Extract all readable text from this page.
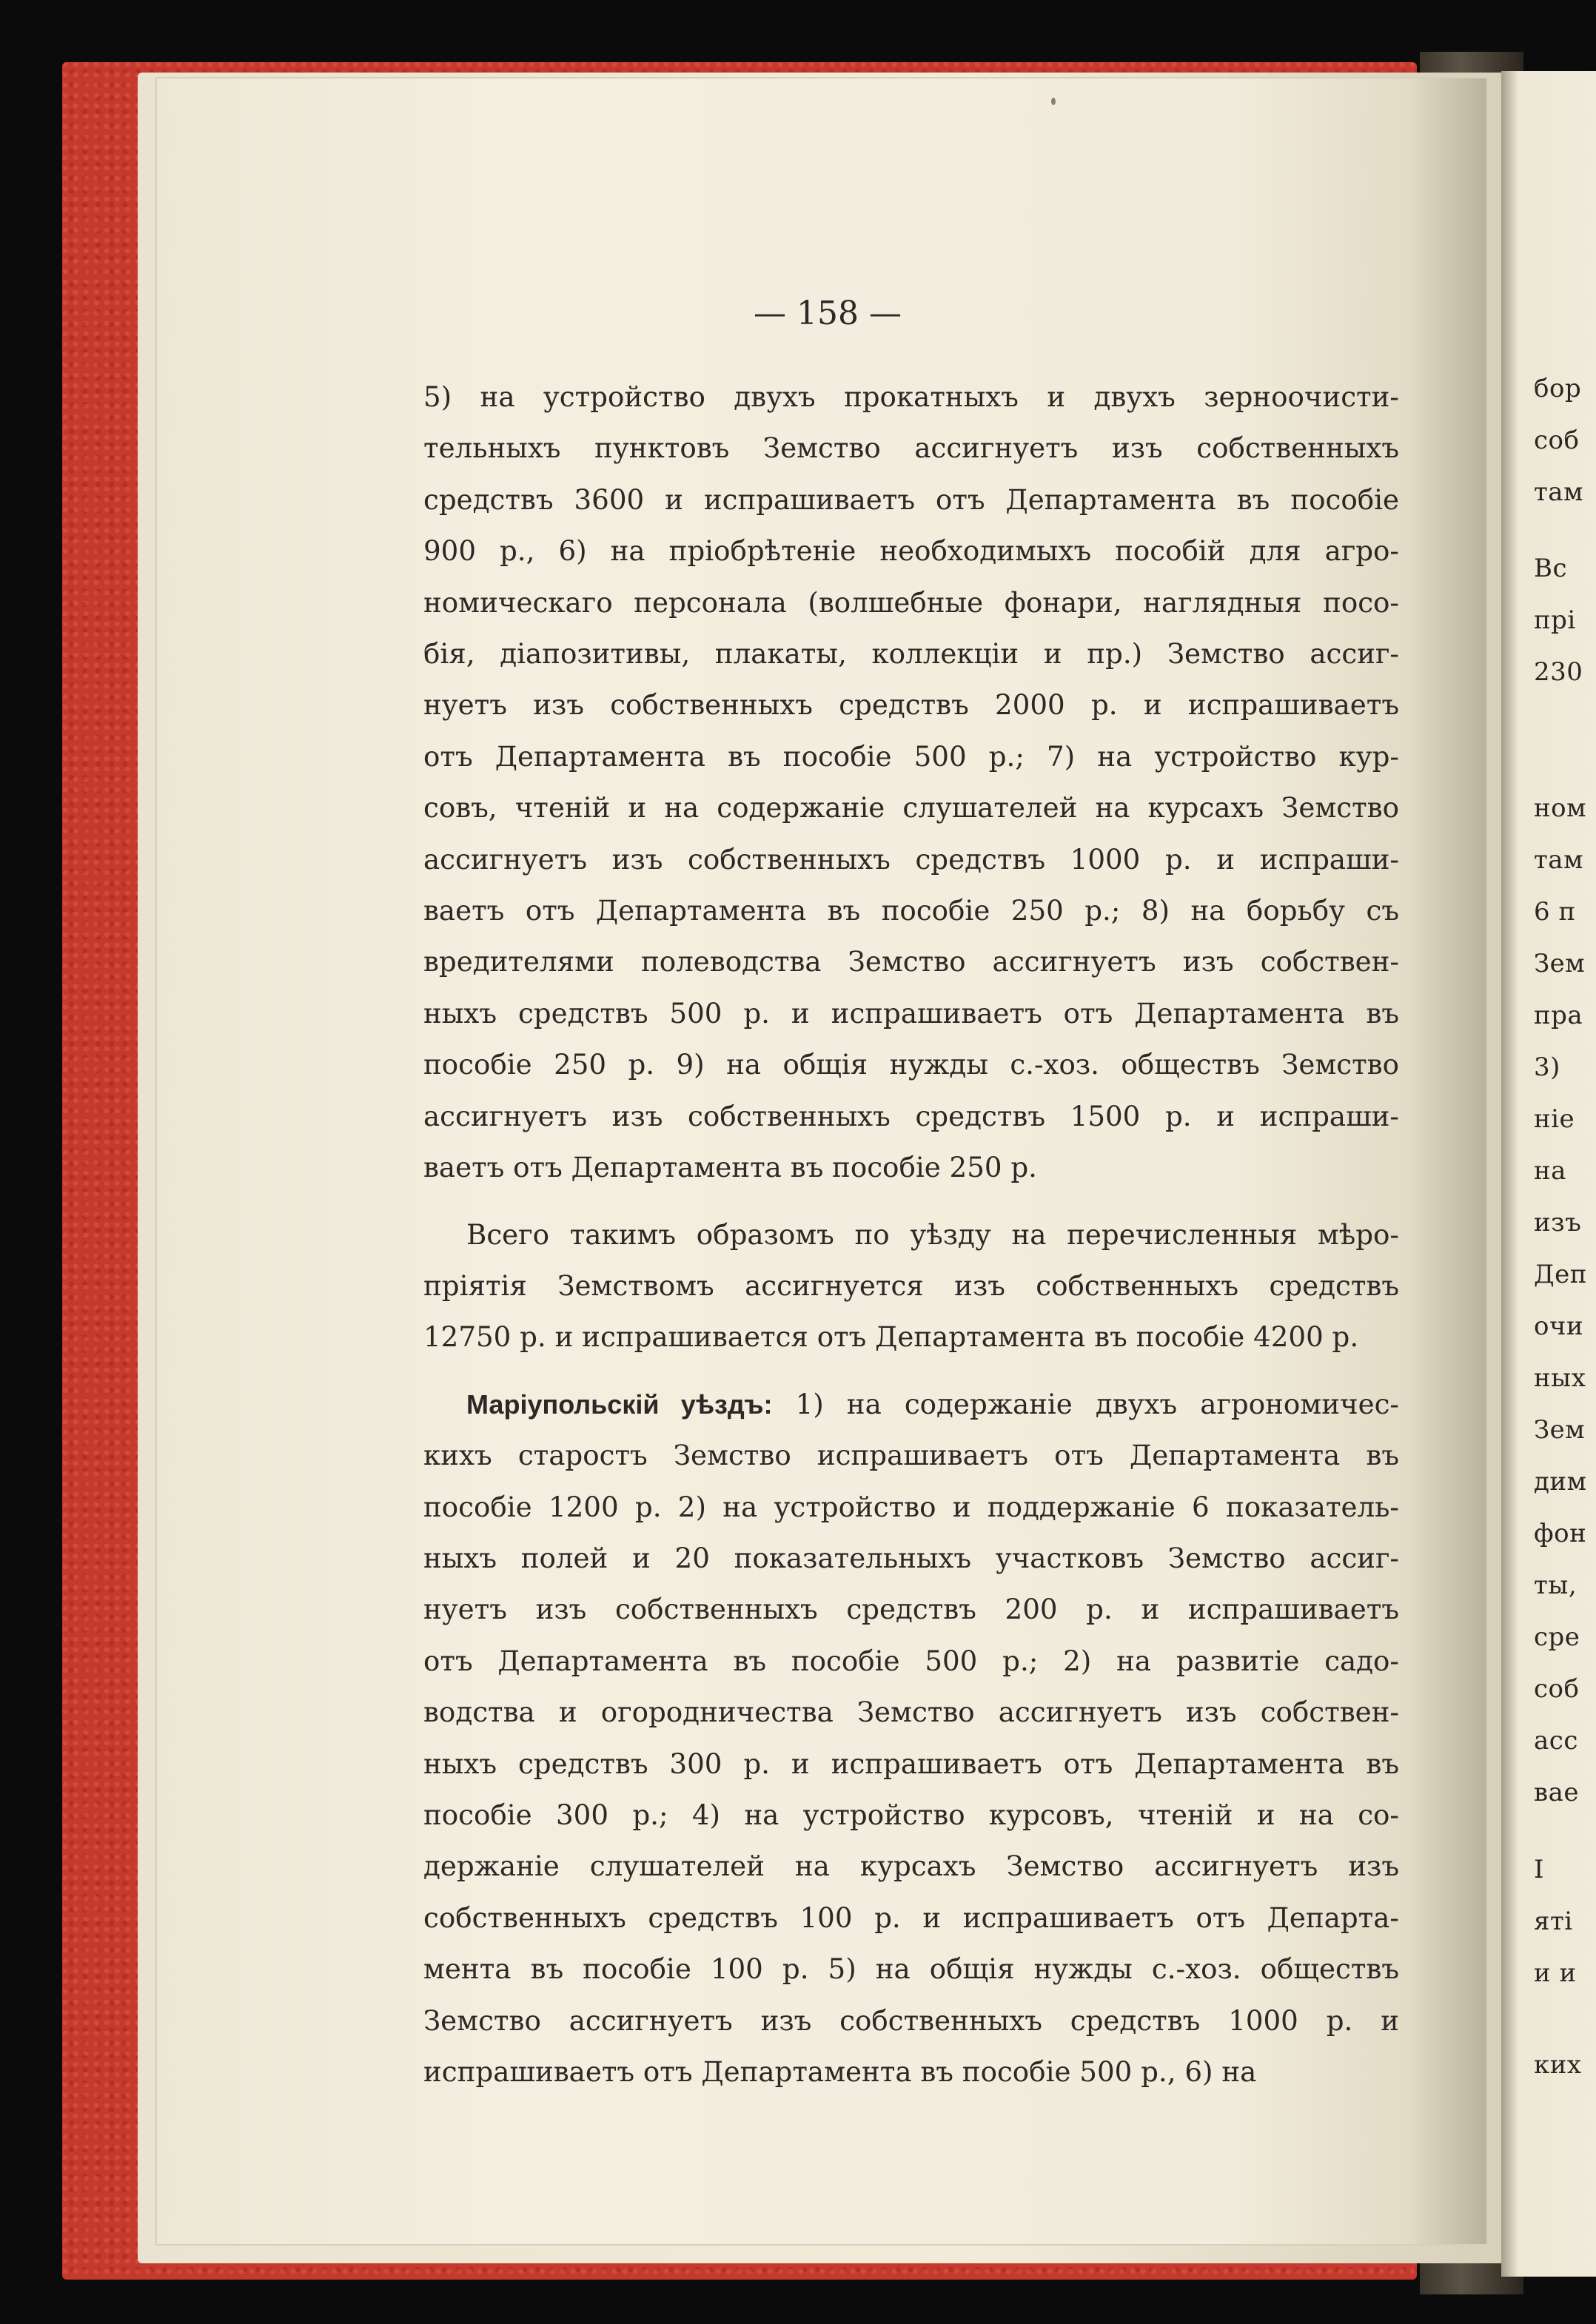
— 158 —
5) на устройство двухъ прокатныхъ и двухъ зерноочисти-
тельныхъ пунктовъ Земство ассигнуетъ изъ собственныхъ
средствъ 3600 и испрашиваетъ отъ Департамента въ пособіе
900 р., 6) на пріобрѣтеніе необходимыхъ пособій для агро-
номическаго персонала (волшебные фонари, наглядныя посо-
бія, діапозитивы, плакаты, коллекціи и пр.) Земство ассиг-
нуетъ изъ собственныхъ средствъ 2000 р. и испрашиваетъ
отъ Департамента въ пособіе 500 р.; 7) на устройство кур-
совъ, чтеній и на содержаніе слушателей на курсахъ Земство
ассигнуетъ изъ собственныхъ средствъ 1000 р. и испраши-
ваетъ отъ Департамента въ пособіе 250 р.; 8) на борьбу съ
вредителями полеводства Земство ассигнуетъ изъ собствен-
ныхъ средствъ 500 р. и испрашиваетъ отъ Департамента въ
пособіе 250 р. 9) на общія нужды с.-хоз. обществъ Земство
ассигнуетъ изъ собственныхъ средствъ 1500 р. и испраши-
ваетъ отъ Департамента въ пособіе 250 р.
Всего такимъ образомъ по уѣзду на перечисленныя мѣро-
пріятія Земствомъ ассигнуется изъ собственныхъ средствъ
12750 р. и испрашивается отъ Департамента въ пособіе 4200 р.
Маріупольскій уѣздъ: 1) на содержаніе двухъ агрономичес-
кихъ старостъ Земство испрашиваетъ отъ Департамента въ
пособіе 1200 р. 2) на устройство и поддержаніе 6 показатель-
ныхъ полей и 20 показательныхъ участковъ Земство ассиг-
нуетъ изъ собственныхъ средствъ 200 р. и испрашиваетъ
отъ Департамента въ пособіе 500 р.; 2) на развитіе садо-
водства и огородничества Земство ассигнуетъ изъ собствен-
ныхъ средствъ 300 р. и испрашиваетъ отъ Департамента въ
пособіе 300 р.; 4) на устройство курсовъ, чтеній и на со-
держаніе слушателей на курсахъ Земство ассигнуетъ изъ
собственныхъ средствъ 100 р. и испрашиваетъ отъ Департа-
мента въ пособіе 100 р. 5) на общія нужды с.-хоз. обществъ
Земство ассигнуетъ изъ собственныхъ средствъ 1000 р. и
испрашиваетъ отъ Департамента въ пособіе 500 р., 6) на
бор
соб
там
Вс
прі
230
ном
там
6 п
Зем
пра
3)
ніе
на
изъ
Деп
очи
ных
Зем
дим
фон
ты,
сре
соб
асс
вае
I
яті
и и
ких
